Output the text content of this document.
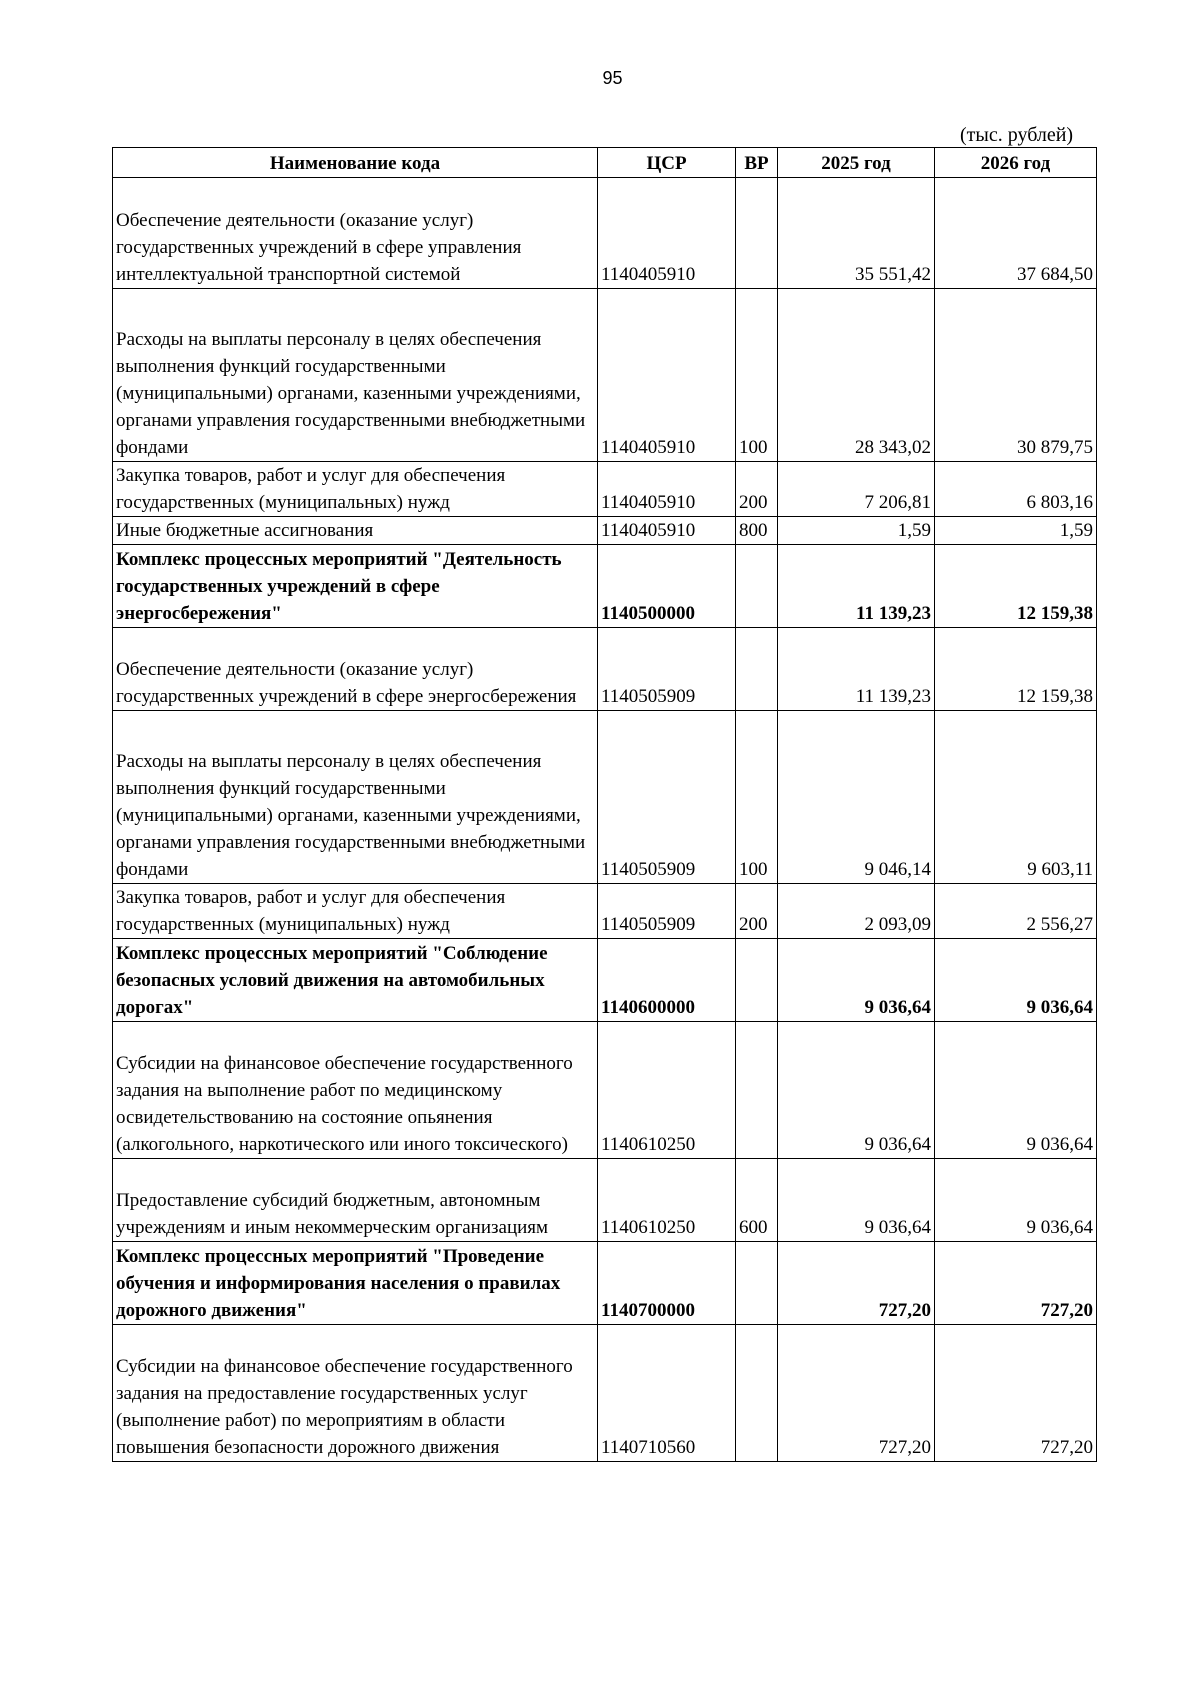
95
(тыс. рублей)
Наименование кода	ЦСР	ВР	2025 год	2026 год
Обеспечение деятельности (оказание услуг) государственных учреждений в сфере управления интеллектуальной транспортной системой	1140405910		35 551,42	37 684,50
Расходы на выплаты персоналу в целях обеспечения выполнения функций государственными (муниципальными) органами, казенными учреждениями, органами управления государственными внебюджетными фондами	1140405910	100	28 343,02	30 879,75
Закупка товаров, работ и услуг для обеспечения государственных (муниципальных) нужд	1140405910	200	7 206,81	6 803,16
Иные бюджетные ассигнования	1140405910	800	1,59	1,59
Комплекс процессных мероприятий "Деятельность государственных учреждений в сфере энергосбережения"	1140500000		11 139,23	12 159,38
Обеспечение деятельности (оказание услуг) государственных учреждений в сфере энергосбережения	1140505909		11 139,23	12 159,38
Расходы на выплаты персоналу в целях обеспечения выполнения функций государственными (муниципальными) органами, казенными учреждениями, органами управления государственными внебюджетными фондами	1140505909	100	9 046,14	9 603,11
Закупка товаров, работ и услуг для обеспечения государственных (муниципальных) нужд	1140505909	200	2 093,09	2 556,27
Комплекс процессных мероприятий "Соблюдение безопасных условий движения на автомобильных дорогах"	1140600000		9 036,64	9 036,64
Субсидии на финансовое обеспечение государственного задания на выполнение работ по медицинскому освидетельствованию на состояние опьянения (алкогольного, наркотического или иного токсического)	1140610250		9 036,64	9 036,64
Предоставление субсидий бюджетным, автономным учреждениям и иным некоммерческим организациям	1140610250	600	9 036,64	9 036,64
Комплекс процессных мероприятий "Проведение обучения и информирования населения о правилах дорожного движения"	1140700000		727,20	727,20
Субсидии на финансовое обеспечение государственного задания на предоставление государственных услуг (выполнение работ) по мероприятиям в области повышения безопасности дорожного движения	1140710560		727,20	727,20
